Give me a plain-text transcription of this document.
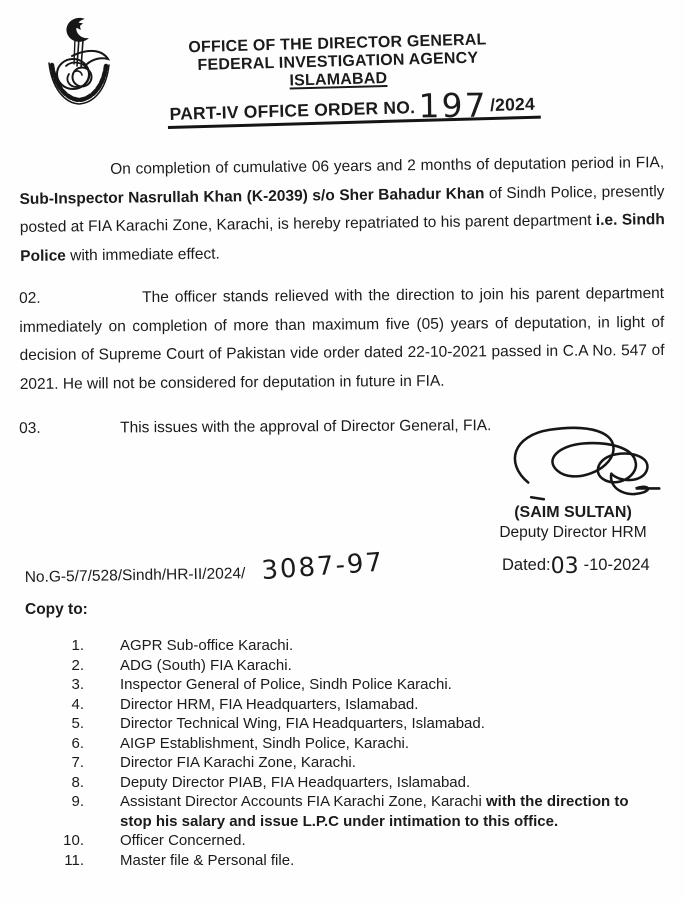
OFFICE OF THE DIRECTOR GENERAL
FEDERAL INVESTIGATION AGENCY
ISLAMABAD
PART-IV OFFICE ORDER NO.197 /2024

On completion of cumulative 06 years and 2 months of deputation period in FIA, Sub-Inspector Nasrullah Khan (K-2039) s/o Sher Bahadur Khan of Sindh Police, presently posted at FIA Karachi Zone, Karachi, is hereby repatriated to his parent department i.e. Sindh Police with immediate effect.

02.	The officer stands relieved with the direction to join his parent department immediately on completion of more than maximum five (05) years of deputation, in light of decision of Supreme Court of Pakistan vide order dated 22-10-2021 passed in C.A No. 547 of 2021. He will not be considered for deputation in future in FIA.

03.	This issues with the approval of Director General, FIA.

(SAIM SULTAN)
Deputy Director HRM
No.G-5/7/528/Sindh/HR-II/2024/ 3087-97	Dated:03 -10-2024
Copy to:
1. AGPR Sub-office Karachi.
2. ADG (South) FIA Karachi.
3. Inspector General of Police, Sindh Police Karachi.
4. Director HRM, FIA Headquarters, Islamabad.
5. Director Technical Wing, FIA Headquarters, Islamabad.
6. AIGP Establishment, Sindh Police, Karachi.
7. Director FIA Karachi Zone, Karachi.
8. Deputy Director PIAB, FIA Headquarters, Islamabad.
9. Assistant Director Accounts FIA Karachi Zone, Karachi with the direction to stop his salary and issue L.P.C under intimation to this office.
10. Officer Concerned.
11. Master file & Personal file.
